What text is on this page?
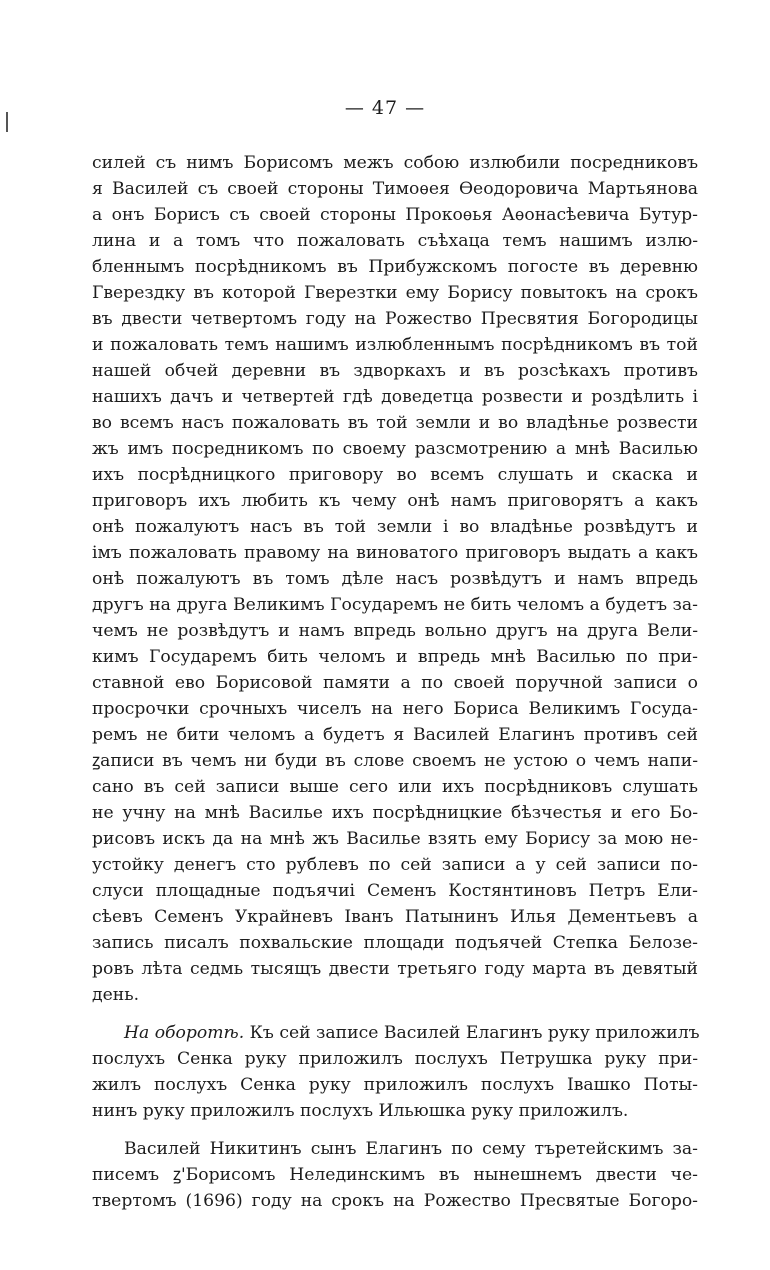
— 47 —
силей съ нимъ Борисомъ межъ собою излюбили посредниковъ
я Василей съ своей стороны Тимоѳея Ѳеодоровича Мартьянова
а онъ Борисъ съ своей стороны Прокоѳья Аѳонасѣевича Бутур-
лина и а томъ что пожаловать съѣхаца темъ нашимъ излю-
бленнымъ посрѣдникомъ въ Прибужскомъ погосте въ деревню
Гверездку въ которой Гверезтки ему Борису повытокъ на срокъ
въ двести четвертомъ году на Рожество Пресвятия Богородицы
и пожаловать темъ нашимъ излюбленнымъ посрѣдникомъ въ той
нашей обчей деревни въ здворкахъ и въ розсѣкахъ противъ
нашихъ дачъ и четвертей гдѣ доведетца розвести и роздѣлить і
во всемъ насъ пожаловать въ той земли и во владѣнье розвести
жъ имъ посредникомъ по своему разсмотрению а мнѣ Василью
ихъ посрѣдницкого приговору во всемъ слушать и скаска и
приговоръ ихъ любить къ чему онѣ намъ приговорятъ а какъ
онѣ пожалуютъ насъ въ той земли і во владѣнье розвѣдутъ и
імъ пожаловать правому на виноватого приговоръ выдать а какъ
онѣ пожалуютъ въ томъ дѣле насъ розвѣдутъ и намъ впредь
другъ на друга Великимъ Государемъ не бить челомъ а будетъ за-
чемъ не розвѣдутъ и намъ впредь вольно другъ на друга Вели-
кимъ Государемъ бить челомъ и впредь мнѣ Василью по при-
ставной ево Борисовой памяти а по своей поручной записи о
просрочки срочныхъ чиселъ на него Бориса Великимъ Госуда-
ремъ не бити челомъ а будетъ я Василей Елагинъ противъ сей
ꙁаписи въ чемъ ни буди въ слове своемъ не устою о чемъ напи-
сано въ сей записи выше сего или ихъ посрѣдниковъ слушать
не учну на мнѣ Василье ихъ посрѣдницкие бѣзчестья и его Бо-
рисовъ искъ да на мнѣ жъ Василье взять ему Борису за мою не-
устойку денегъ сто рублевъ по сей записи а у сей записи по-
слуси площадные подъячиі Семенъ Костянтиновъ Петръ Ели-
сѣевъ Семенъ Украйневъ Іванъ Патынинъ Илья Дементьевъ а
запись писалъ похвальские площади подъячей Степка Белозе-
ровъ лѣта седмь тысящъ двести третьяго году марта въ девятый
день.
На оборотѣ. Къ сей записе Василей Елагинъ руку приложилъ
послухъ Сенка руку приложилъ послухъ Петрушка руку при-
жилъ послухъ Сенка руку приложилъ послухъ Івашко Поты-
нинъ руку приложилъ послухъ Ильюшка руку приложилъ.
Василей Никитинъ сынъ Елагинъ по сему търетейскимъ за-
писемъ ꙁ'Борисомъ Нелединскимъ въ нынешнемъ двести че-
твертомъ (1696) году на срокъ на Рожество Пресвятые Богоро-
